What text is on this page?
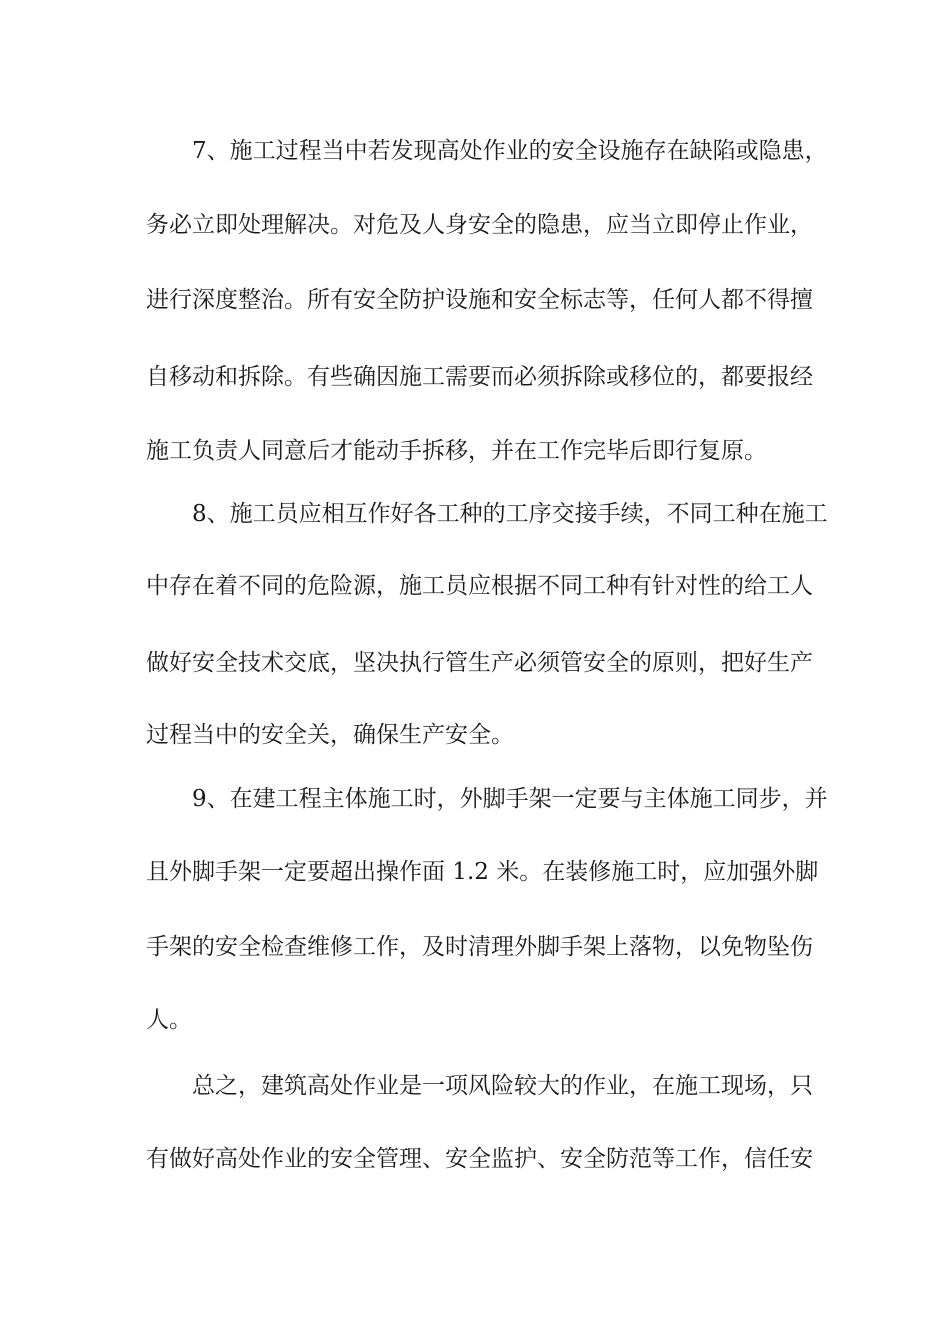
7、施工过程当中若发现高处作业的安全设施存在缺陷或隐患，
务必立即处理解决。对危及人身安全的隐患，应当立即停止作业，
进行深度整治。所有安全防护设施和安全标志等，任何人都不得擅
自移动和拆除。有些确因施工需要而必须拆除或移位的，都要报经
施工负责人同意后才能动手拆移，并在工作完毕后即行复原。
8、施工员应相互作好各工种的工序交接手续，不同工种在施工
中存在着不同的危险源，施工员应根据不同工种有针对性的给工人
做好安全技术交底，坚决执行管生产必须管安全的原则，把好生产
过程当中的安全关，确保生产安全。
9、在建工程主体施工时，外脚手架一定要与主体施工同步，并
且外脚手架一定要超出操作面 1.2 米。在装修施工时，应加强外脚
手架的安全检查维修工作，及时清理外脚手架上落物，以免物坠伤
人。
总之，建筑高处作业是一项风险较大的作业，在施工现场，只
有做好高处作业的安全管理、安全监护、安全防范等工作，信任安
